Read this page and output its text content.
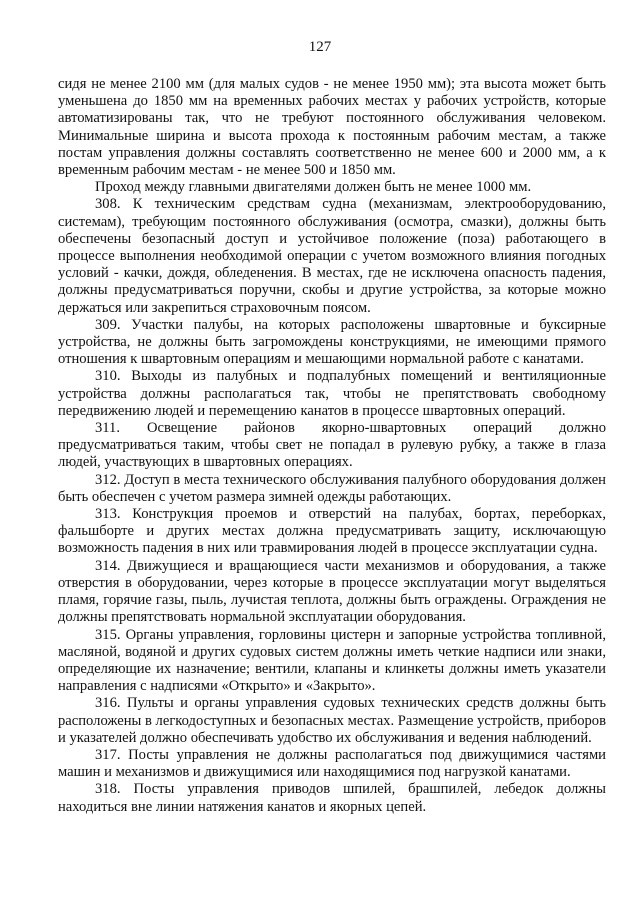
127

сидя не менее 2100 мм (для малых судов - не менее 1950 мм); эта высота может быть уменьшена до 1850 мм на временных рабочих местах у рабочих устройств, которые автоматизированы так, что не требуют постоянного обслуживания человеком. Минимальные ширина и высота прохода к постоянным рабочим местам, а также постам управления должны составлять соответственно не менее 600 и 2000 мм, а к временным рабочим местам - не менее 500 и 1850 мм.

Проход между главными двигателями должен быть не менее 1000 мм.

308. К техническим средствам судна (механизмам, электрооборудованию, системам), требующим постоянного обслуживания (осмотра, смазки), должны быть обеспечены безопасный доступ и устойчивое положение (поза) работающего в процессе выполнения необходимой операции с учетом возможного влияния погодных условий - качки, дождя, обледенения. В местах, где не исключена опасность падения, должны предусматриваться поручни, скобы и другие устройства, за которые можно держаться или закрепиться страховочным поясом.

309. Участки палубы, на которых расположены швартовные и буксирные устройства, не должны быть загромождены конструкциями, не имеющими прямого отношения к швартовным операциям и мешающими нормальной работе с канатами.

310. Выходы из палубных и подпалубных помещений и вентиляционные устройства должны располагаться так, чтобы не препятствовать свободному передвижению людей и перемещению канатов в процессе швартовных операций.

311. Освещение районов якорно-швартовных операций должно предусматриваться таким, чтобы свет не попадал в рулевую рубку, а также в глаза людей, участвующих в швартовных операциях.

312. Доступ в места технического обслуживания палубного оборудования должен быть обеспечен с учетом размера зимней одежды работающих.

313. Конструкция проемов и отверстий на палубах, бортах, переборках, фальшборте и других местах должна предусматривать защиту, исключающую возможность падения в них или травмирования людей в процессе эксплуатации судна.

314. Движущиеся и вращающиеся части механизмов и оборудования, а также отверстия в оборудовании, через которые в процессе эксплуатации могут выделяться пламя, горячие газы, пыль, лучистая теплота, должны быть ограждены. Ограждения не должны препятствовать нормальной эксплуатации оборудования.

315. Органы управления, горловины цистерн и запорные устройства топливной, масляной, водяной и других судовых систем должны иметь четкие надписи или знаки, определяющие их назначение; вентили, клапаны и клинкеты должны иметь указатели направления с надписями «Открыто» и «Закрыто».

316. Пульты и органы управления судовых технических средств должны быть расположены в легкодоступных и безопасных местах. Размещение устройств, приборов и указателей должно обеспечивать удобство их обслуживания и ведения наблюдений.

317. Посты управления не должны располагаться под движущимися частями машин и механизмов и движущимися или находящимися под нагрузкой канатами.

318. Посты управления приводов шпилей, брашпилей, лебедок должны находиться вне линии натяжения канатов и якорных цепей.
